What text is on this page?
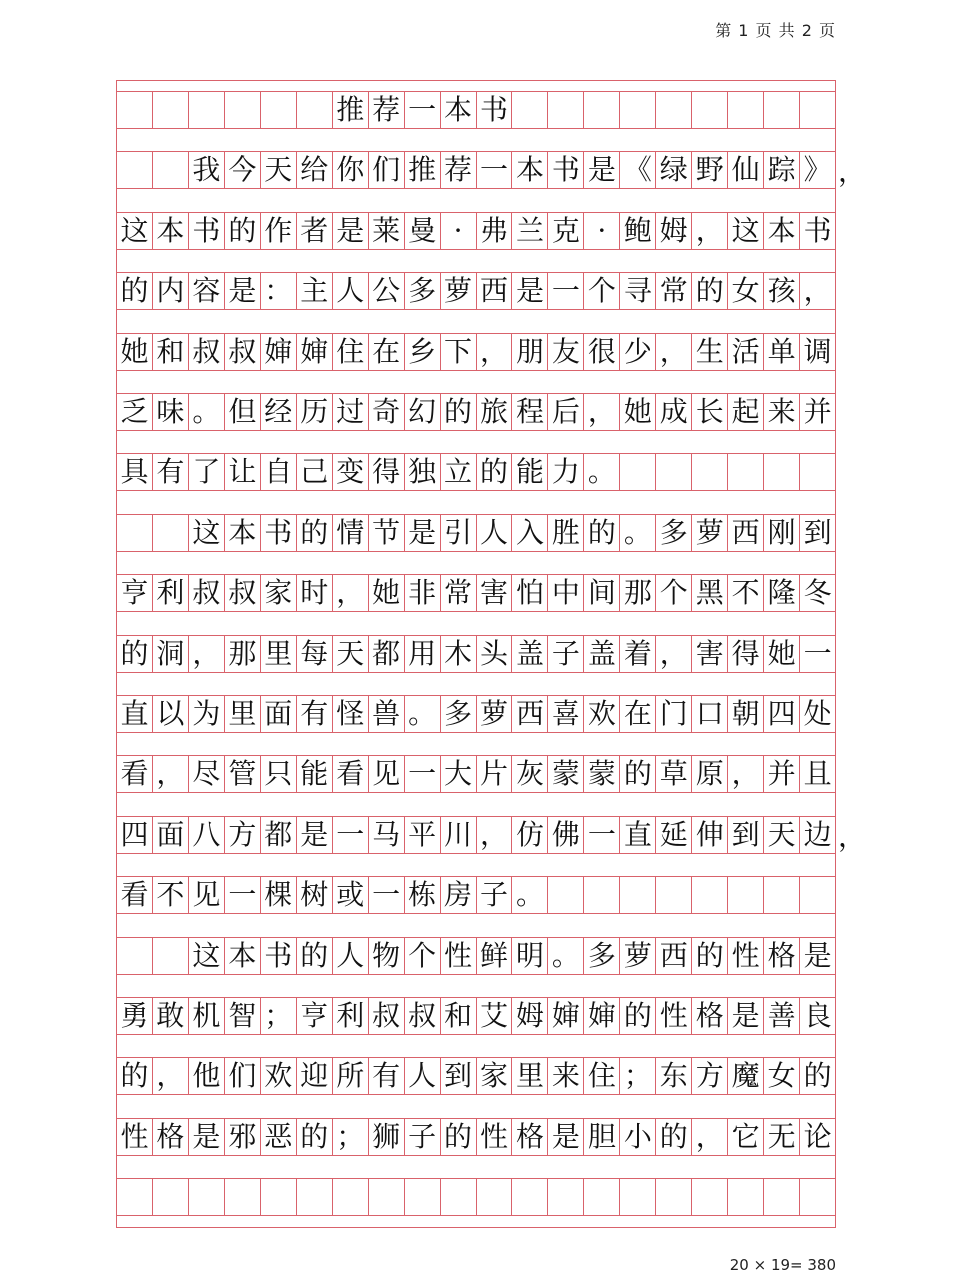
第 1 页 共 2 页
推 荐 一 本 书
我 今 天 给 你 们 推 荐 一 本 书 是 《 绿 野 仙 踪 》 ，
这 本 书 的 作 者 是 莱 曼 · 弗 兰 克 · 鲍 姆 ， 这 本 书
的 内 容 是 ： 主 人 公 多 萝 西 是 一 个 寻 常 的 女 孩 ，
她 和 叔 叔 婶 婶 住 在 乡 下 ， 朋 友 很 少 ， 生 活 单 调
乏 味 。 但 经 历 过 奇 幻 的 旅 程 后 ， 她 成 长 起 来 并
具 有 了 让 自 己 变 得 独 立 的 能 力 。
这 本 书 的 情 节 是 引 人 入 胜 的 。 多 萝 西 刚 到
亨 利 叔 叔 家 时 ， 她 非 常 害 怕 中 间 那 个 黑 不 隆 冬
的 洞 ， 那 里 每 天 都 用 木 头 盖 子 盖 着 ， 害 得 她 一
直 以 为 里 面 有 怪 兽 。 多 萝 西 喜 欢 在 门 口 朝 四 处
看 ， 尽 管 只 能 看 见 一 大 片 灰 蒙 蒙 的 草 原 ， 并 且
四 面 八 方 都 是 一 马 平 川 ， 仿 佛 一 直 延 伸 到 天 边 ，
看 不 见 一 棵 树 或 一 栋 房 子 。
这 本 书 的 人 物 个 性 鲜 明 。 多 萝 西 的 性 格 是
勇 敢 机 智 ； 亨 利 叔 叔 和 艾 姆 婶 婶 的 性 格 是 善 良
的 ， 他 们 欢 迎 所 有 人 到 家 里 来 住 ； 东 方 魔 女 的
性 格 是 邪 恶 的 ； 狮 子 的 性 格 是 胆 小 的 ， 它 无 论
20 × 19= 380
